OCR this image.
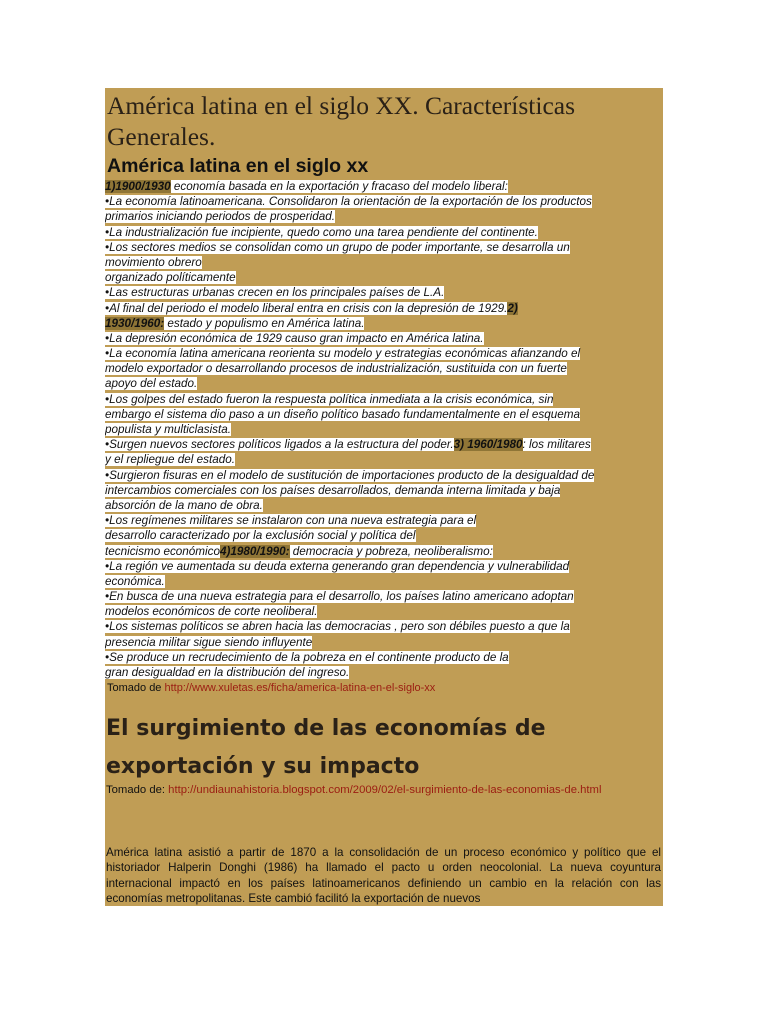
América latina en el siglo XX. Características Generales.
América latina en el siglo xx
1)1900/1930 economía basada en la exportación y fracaso del modelo liberal:
•La economía latinoamericana. Consolidaron la orientación de la exportación de los productos
primarios iniciando periodos de prosperidad.
•La industrialización fue incipiente, quedo como una tarea pendiente del continente.
•Los sectores medios se consolidan como un grupo de poder importante, se desarrolla un
movimiento obrero
organizado políticamente
•Las estructuras urbanas crecen en los principales países de L.A.
•Al final del periodo el modelo liberal entra en crisis con la depresión de 1929.2)
1930/1960: estado y populismo en América latina.
•La depresión económica de 1929 causo gran impacto en América latina.
•La economía latina americana reorienta su modelo y estrategias económicas afianzando el
modelo exportador o desarrollando procesos de industrialización, sustituida con un fuerte
apoyo del estado.
•Los golpes del estado fueron la respuesta política inmediata a la crisis económica, sin
embargo el sistema dio paso a un diseño político basado fundamentalmente en el esquema
populista y multiclasista.
•Surgen nuevos sectores políticos ligados a la estructura del poder.3) 1960/1980: los militares
y el repliegue del estado.
•Surgieron fisuras en el modelo de sustitución de importaciones producto de la desigualdad de
intercambios comerciales con los países desarrollados, demanda interna limitada y baja
absorción de la mano de obra.
•Los regímenes militares se instalaron con una nueva estrategia para el
desarrollo caracterizado por la exclusión social y política del
tecnicismo económico4)1980/1990: democracia y pobreza, neoliberalismo:
•La región ve aumentada su deuda externa generando gran dependencia y vulnerabilidad
económica.
•En busca de una nueva estrategia para el desarrollo, los países latino americano adoptan
modelos económicos de corte neoliberal.
•Los sistemas políticos se abren hacia las democracias , pero son débiles puesto a que la
presencia militar sigue siendo influyente
•Se produce un recrudecimiento de la pobreza en el continente producto de la
gran desigualdad en la distribución del ingreso.
Tomado de http://www.xuletas.es/ficha/america-latina-en-el-siglo-xx
El surgimiento de las economías de exportación y su impacto
Tomado de: http://undiaunahistoria.blogspot.com/2009/02/el-surgimiento-de-las-economias-de.html

América latina asistió a partir de 1870 a la consolidación de un proceso económico y político que el historiador Halperin Donghi (1986) ha llamado el pacto u orden neocolonial. La nueva coyuntura internacional impactó en los países latinoamericanos definiendo un cambio en la relación con las economías metropolitanas. Este cambió facilitó la exportación de nuevos
